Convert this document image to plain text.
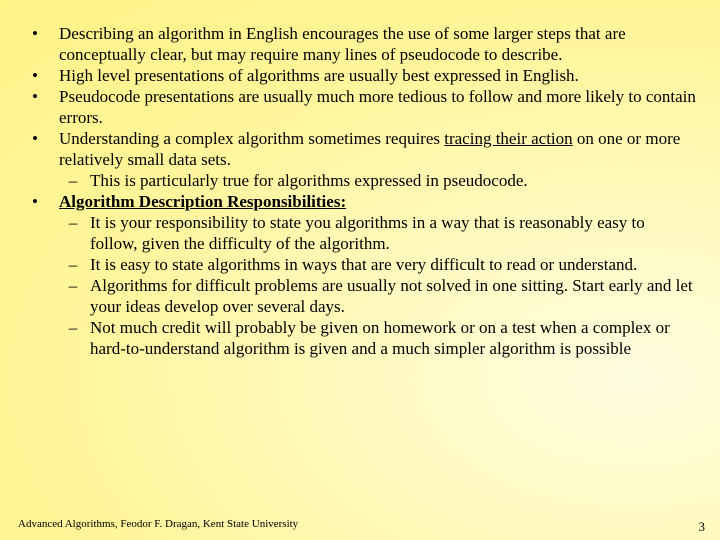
• Describing an algorithm in English encourages the use of some larger steps that are conceptually clear, but may require many lines of pseudocode to describe.
• High level presentations of algorithms are usually best expressed in English.
• Pseudocode presentations are usually much more tedious to follow and more likely to contain errors.
• Understanding a complex algorithm sometimes requires tracing their action on one or more relatively small data sets.
– This is particularly true for algorithms expressed in pseudocode.
• Algorithm Description Responsibilities:
– It is your responsibility to state you algorithms in a way that is reasonably easy to follow, given the difficulty of the algorithm.
– It is easy to state algorithms in ways that are very difficult to read or understand.
– Algorithms for difficult problems are usually not solved in one sitting. Start early and let your ideas develop over several days.
– Not much credit will probably be given on homework or on a test when a complex or hard-to-understand algorithm is given and a much simpler algorithm is possible
Advanced Algorithms, Feodor F. Dragan, Kent State University	3
